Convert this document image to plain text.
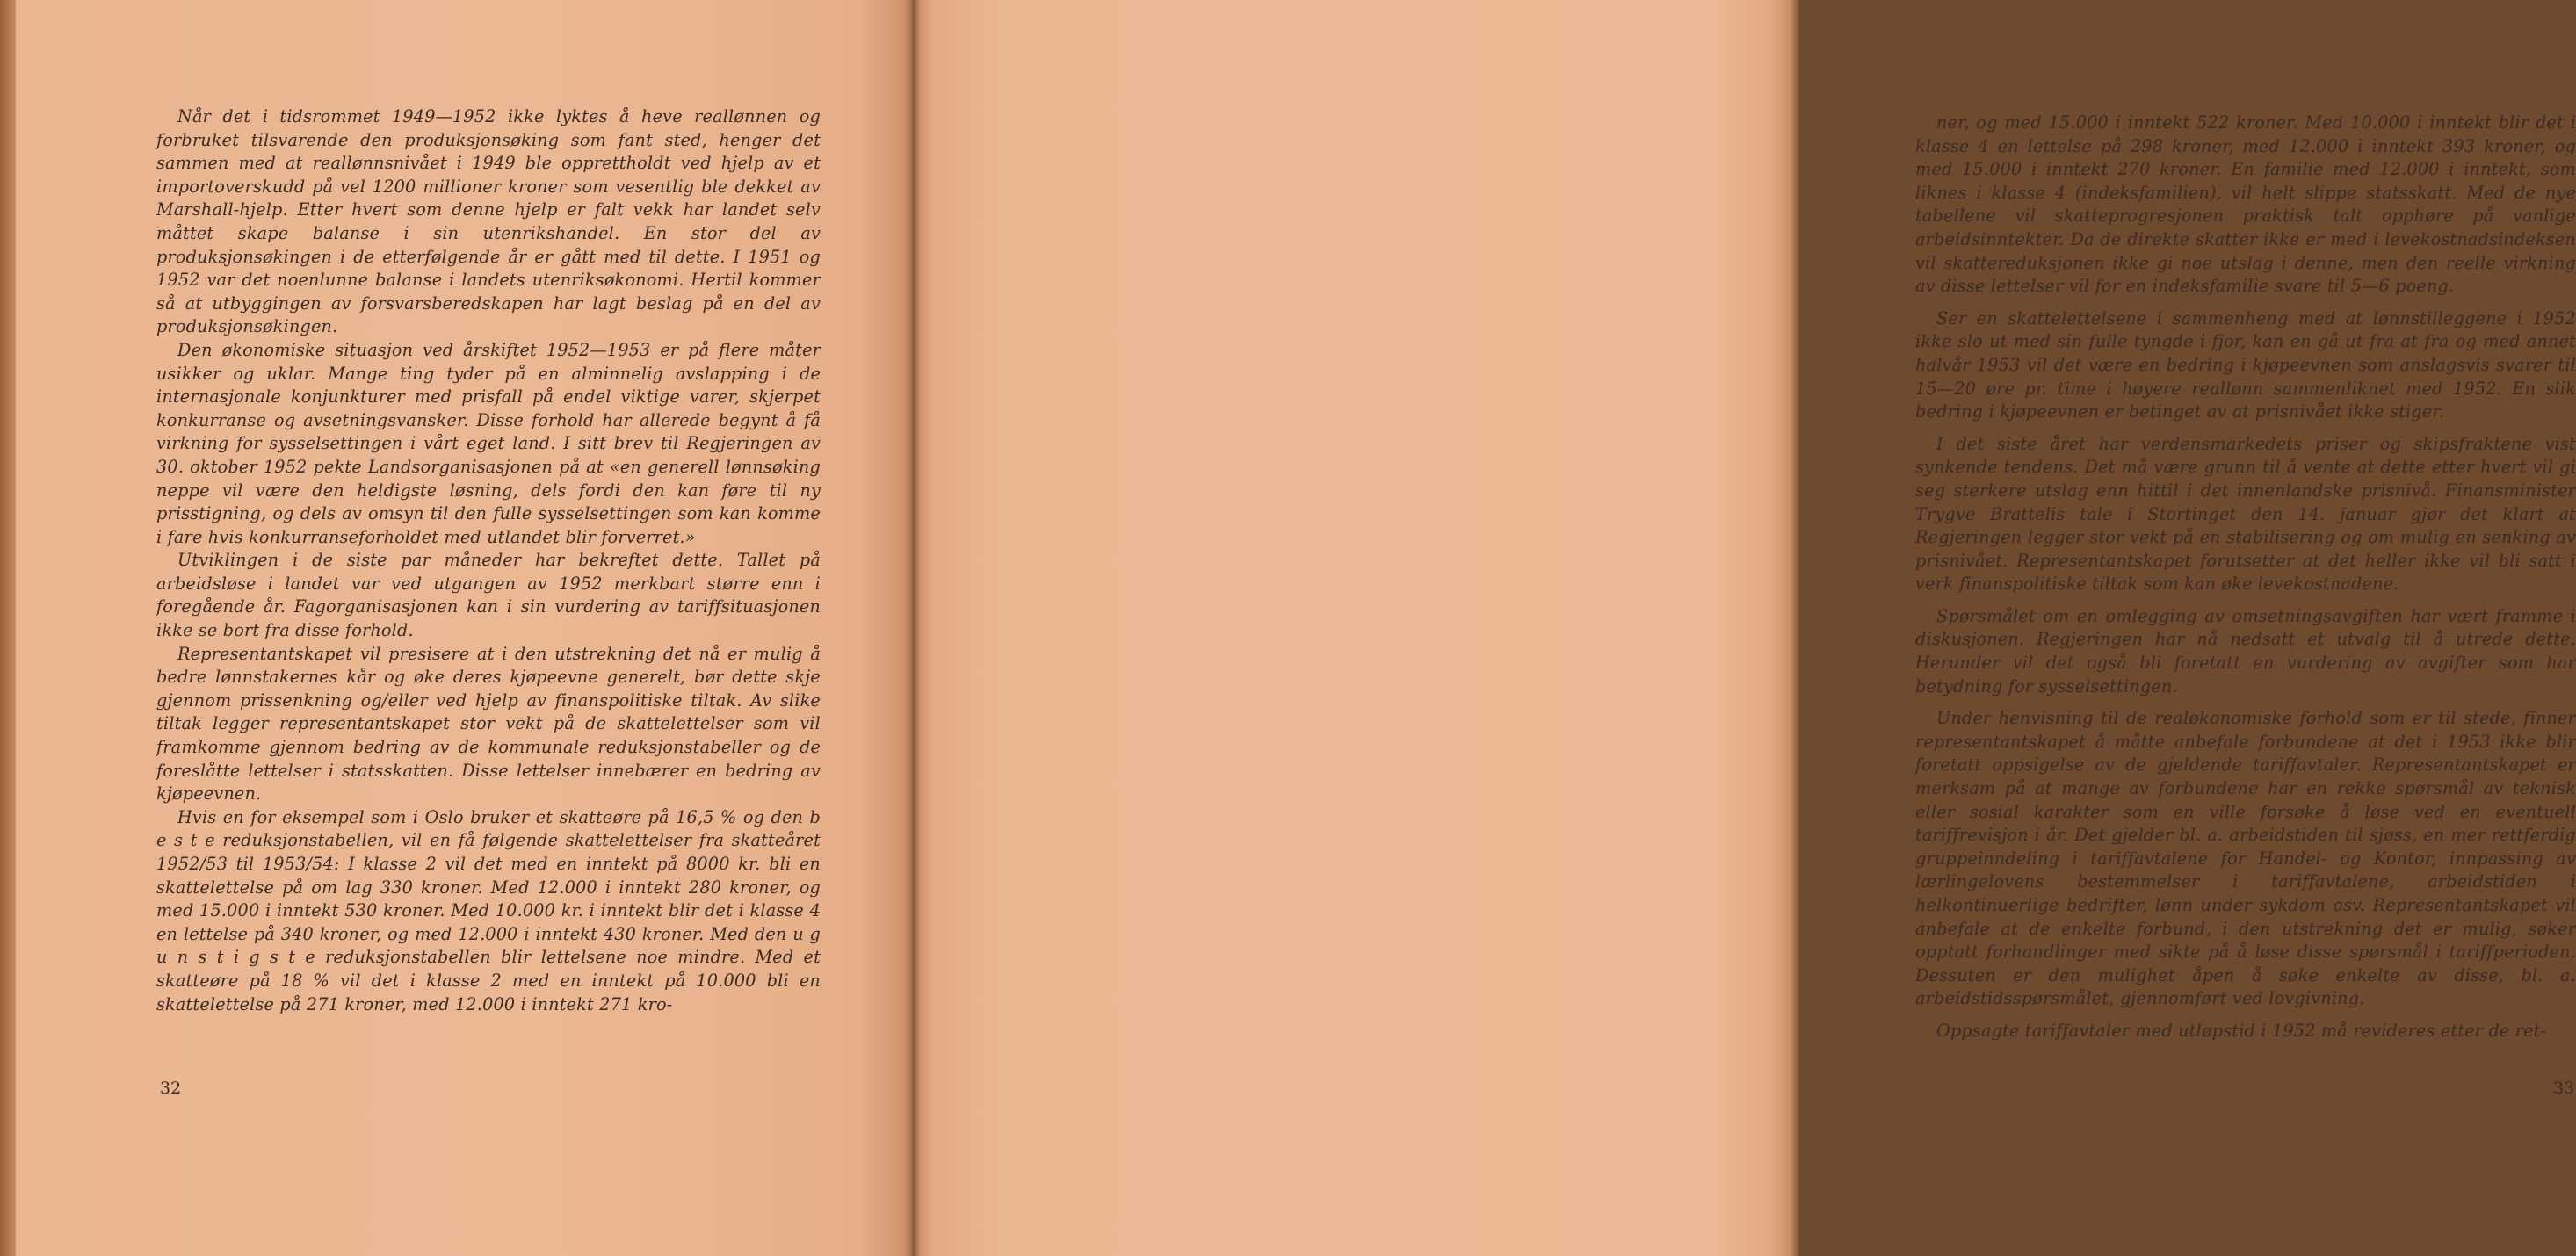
Når det i tidsrommet 1949—1952 ikke lyktes å heve reallønnen og forbruket tilsvarende den produksjonsøking som fant sted, henger det sammen med at reallønnsnivået i 1949 ble opprettholdt ved hjelp av et importoverskudd på vel 1200 millioner kroner som vesentlig ble dekket av Marshall-hjelp. Etter hvert som denne hjelp er falt vekk har landet selv måttet skape balanse i sin utenrikshandel. En stor del av produksjonsøkingen i de etterfølgende år er gått med til dette. I 1951 og 1952 var det noenlunne balanse i landets utenriksøkonomi. Hertil kommer så at utbyggingen av forsvarsberedskapen har lagt beslag på en del av produksjonsøkingen.

Den økonomiske situasjon ved årskiftet 1952—1953 er på flere måter usikker og uklar. Mange ting tyder på en alminnelig avslapping i de internasjonale konjunkturer med prisfall på endel viktige varer, skjerpet konkurranse og avsetningsvansker. Disse forhold har allerede begynt å få virkning for sysselsettingen i vårt eget land. I sitt brev til Regjeringen av 30. oktober 1952 pekte Landsorganisasjonen på at «en generell lønnsøking neppe vil være den heldigste løsning, dels fordi den kan føre til ny prisstigning, og dels av omsyn til den fulle sysselsettingen som kan komme i fare hvis konkurranseforholdet med utlandet blir forverret.»

Utviklingen i de siste par måneder har bekreftet dette. Tallet på arbeidsløse i landet var ved utgangen av 1952 merkbart større enn i foregående år. Fagorganisasjonen kan i sin vurdering av tariffsituasjonen ikke se bort fra disse forhold.

Representantskapet vil presisere at i den utstrekning det nå er mulig å bedre lønnstakernes kår og øke deres kjøpeevne generelt, bør dette skje gjennom prissenkning og/eller ved hjelp av finanspolitiske tiltak. Av slike tiltak legger representantskapet stor vekt på de skattelettelser som vil framkomme gjennom bedring av de kommunale reduksjonstabeller og de foreslåtte lettelser i statsskatten. Disse lettelser innebærer en bedring av kjøpeevnen.

Hvis en for eksempel som i Oslo bruker et skatteøre på 16,5 % og den b e s t e reduksjonstabellen, vil en få følgende skattelettelser fra skatteåret 1952/53 til 1953/54: I klasse 2 vil det med en inntekt på 8000 kr. bli en skattelettelse på om lag 330 kroner. Med 12.000 i inntekt 280 kroner, og med 15.000 i inntekt 530 kroner. Med 10.000 kr. i inntekt blir det i klasse 4 en lettelse på 340 kroner, og med 12.000 i inntekt 430 kroner. Med den u g u n s t i g s t e reduksjonstabellen blir lettelsene noe mindre. Med et skatteøre på 18 % vil det i klasse 2 med en inntekt på 10.000 bli en skattelettelse på 271 kroner, med 12.000 i inntekt 271 kro-

32

ner, og med 15.000 i inntekt 522 kroner. Med 10.000 i inntekt blir det i klasse 4 en lettelse på 298 kroner, med 12.000 i inntekt 393 kroner, og med 15.000 i inntekt 270 kroner. En familie med 12.000 i inntekt, som liknes i klasse 4 (indeksfamilien), vil helt slippe statsskatt. Med de nye tabellene vil skatteprogresjonen praktisk talt opphøre på vanlige arbeidsinntekter. Da de direkte skatter ikke er med i levekostnadsindeksen vil skattereduksjonen ikke gi noe utslag i denne, men den reelle virkning av disse lettelser vil for en indeksfamilie svare til 5—6 poeng.

Ser en skattelettelsene i sammenheng med at lønnstilleggene i 1952 ikke slo ut med sin fulle tyngde i fjor, kan en gå ut fra at fra og med annet halvår 1953 vil det være en bedring i kjøpeevnen som anslagsvis svarer til 15—20 øre pr. time i høyere reallønn sammenliknet med 1952. En slik bedring i kjøpeevnen er betinget av at prisnivået ikke stiger.

I det siste året har verdensmarkedets priser og skipsfraktene vist synkende tendens. Det må være grunn til å vente at dette etter hvert vil gi seg sterkere utslag enn hittil i det innenlandske prisnivå. Finansminister Trygve Brattelis tale i Stortinget den 14. januar gjør det klart at Regjeringen legger stor vekt på en stabilisering og om mulig en senking av prisnivået. Representantskapet forutsetter at det heller ikke vil bli satt i verk finanspolitiske tiltak som kan øke levekostnadene.

Spørsmålet om en omlegging av omsetningsavgiften har vært framme i diskusjonen. Regjeringen har nå nedsatt et utvalg til å utrede dette. Herunder vil det også bli foretatt en vurdering av avgifter som har betydning for sysselsettingen.

Under henvisning til de realøkonomiske forhold som er til stede, finner representantskapet å måtte anbefale forbundene at det i 1953 ikke blir foretatt oppsigelse av de gjeldende tariffavtaler. Representantskapet er merksam på at mange av forbundene har en rekke spørsmål av teknisk eller sosial karakter som en ville forsøke å løse ved en eventuell tariffrevisjon i år. Det gjelder bl. a. arbeidstiden til sjøss, en mer rettferdig gruppeinndeling i tariffavtalene for Handel- og Kontor, innpassing av lærlingelovens bestemmelser i tariffavtalene, arbeidstiden i helkontinuerlige bedrifter, lønn under sykdom osv. Representantskapet vil anbefale at de enkelte forbund, i den utstrekning det er mulig, søker opptatt forhandlinger med sikte på å løse disse spørsmål i tariffperioden. Dessuten er den mulighet åpen å søke enkelte av disse, bl. a. arbeidstidsspørsmålet, gjennomført ved lovgivning.

Oppsagte tariffavtaler med utløpstid i 1952 må revideres etter de ret-

33
